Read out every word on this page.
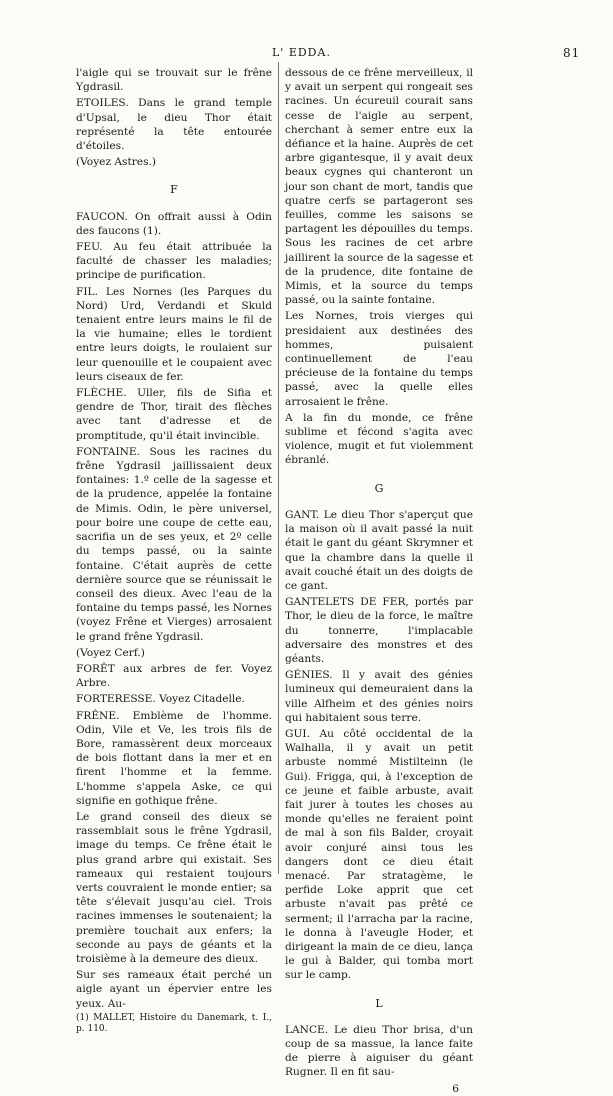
L' EDDA.	81

l'aigle qui se trouvait sur le frêne Ygdrasil.

ETOILES. Dans le grand temple d'Upsal, le dieu Thor était représenté la tête entourée d'étoiles.

(Voyez Astres.)

F

FAUCON. On offrait aussi à Odin des faucons (1).

FEU. Au feu était attribuée la faculté de chasser les maladies; principe de purification.

FIL. Les Nornes (les Parques du Nord) Urd, Verdandi et Skuld tenaient entre leurs mains le fil de la vie humaine; elles le tordient entre leurs doigts, le roulaient sur leur quenouille et le coupaient avec leurs ciseaux de fer.

FLÈCHE. Uller, fils de Sifia et gendre de Thor, tirait des flèches avec tant d'adresse et de promptitude, qu'il était invincible.

FONTAINE. Sous les racines du frêne Ygdrasil jaillissaient deux fontaines: 1.º celle de la sagesse et de la prudence, appelée la fontaine de Mimis. Odin, le père universel, pour boire une coupe de cette eau, sacrifia un de ses yeux, et 2º celle du temps passé, ou la sainte fontaine. C'était auprès de cette dernière source que se réunissait le conseil des dieux. Avec l'eau de la fontaine du temps passé, les Nornes (voyez Frêne et Vierges) arrosaient le grand frêne Ygdrasil.

(Voyez Cerf.)

FORÊT aux arbres de fer. Voyez Arbre.

FORTERESSE. Voyez Citadelle.

FRÊNE. Emblème de l'homme. Odin, Vile et Ve, les trois fils de Bore, ramassèrent deux morceaux de bois flottant dans la mer et en firent l'homme et la femme. L'homme s'appela Aske, ce qui signifie en gothique frêne.

Le grand conseil des dieux se rassemblait sous le frêne Ygdrasil, image du temps. Ce frêne était le plus grand arbre qui existait. Ses rameaux qui restaient toujours verts couvraient le monde entier; sa tête s'élevait jusqu'au ciel. Trois racines immenses le soutenaient; la première touchait aux enfers; la seconde au pays de géants et la troisième à la demeure des dieux.

Sur ses rameaux était perché un aigle ayant un épervier entre les yeux. Au-

(1) MALLET, Histoire du Danemark, t. I., p. 110.

dessous de ce frêne merveilleux, il y avait un serpent qui rongeait ses racines. Un écureuil courait sans cesse de l'aigle au serpent, cherchant à semer entre eux la défiance et la haine. Auprès de cet arbre gigantesque, il y avait deux beaux cygnes qui chanteront un jour son chant de mort, tandis que quatre cerfs se partageront ses feuilles, comme les saisons se partagent les dépouilles du temps. Sous les racines de cet arbre jaillirent la source de la sagesse et de la prudence, dite fontaine de Mimis, et la source du temps passé, ou la sainte fontaine.

Les Nornes, trois vierges qui presidaient aux destinées des hommes, puisaient continuellement de l'eau précieuse de la fontaine du temps passé, avec la quelle elles arrosaient le frêne.

A la fin du monde, ce frêne sublime et fécond s'agita avec violence, mugit et fut violemment ébranlé.

G

GANT. Le dieu Thor s'aperçut que la maison où il avait passé la nuit était le gant du géant Skrymner et que la chambre dans la quelle il avait couché était un des doigts de ce gant.

GANTELETS DE FER, portés par Thor, le dieu de la force, le maître du tonnerre, l'implacable adversaire des monstres et des géants.

GÉNIES. Il y avait des génies lumineux qui demeuraient dans la ville Alfheim et des génies noirs qui habitaient sous terre.

GUI. Au côté occidental de la Walhalla, il y avait un petit arbuste nommé Mistilteinn (le Gui). Frigga, qui, à l'exception de ce jeune et faible arbuste, avait fait jurer à toutes les choses au monde qu'elles ne feraient point de mal à son fils Balder, croyait avoir conjuré ainsi tous les dangers dont ce dieu était menacé. Par stratagème, le perfide Loke apprit que cet arbuste n'avait pas prêté ce serment; il l'arracha par la racine, le donna à l'aveugle Hoder, et dirigeant la main de ce dieu, lança le gui à Balder, qui tomba mort sur le camp.

L

LANCE. Le dieu Thor brisa, d'un coup de sa massue, la lance faite de pierre à aiguiser du géant Rugner. Il en fit sau-

6
